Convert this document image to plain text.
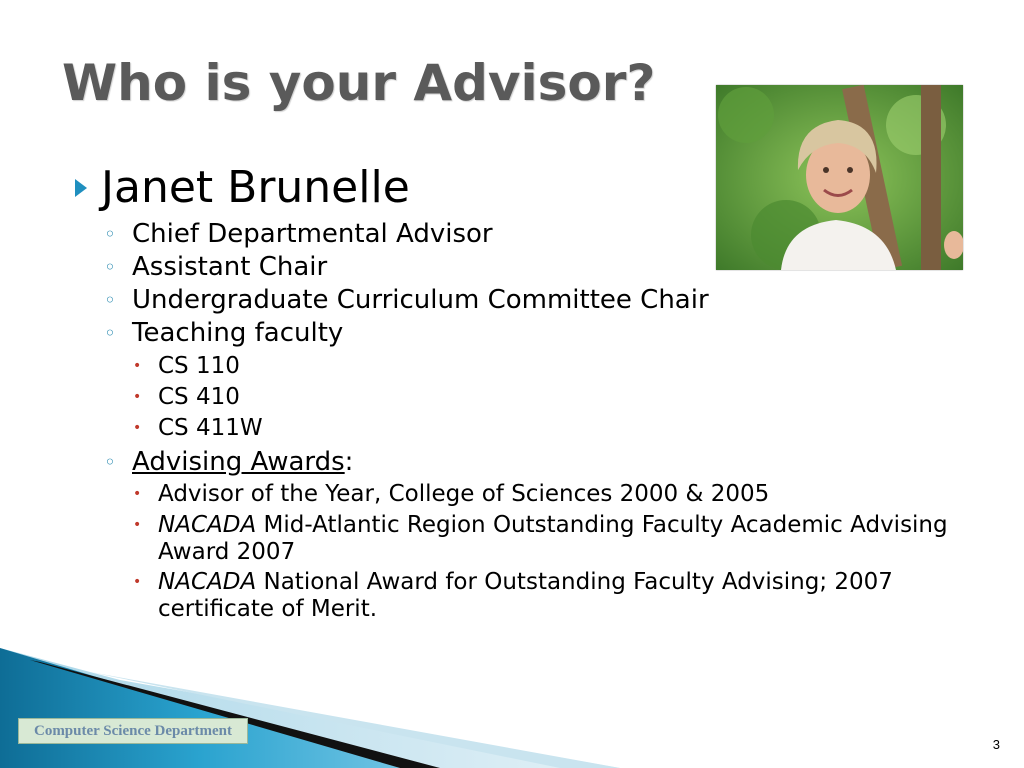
Who is your Advisor?
Janet Brunelle
◦ Chief Departmental Advisor
◦ Assistant Chair
◦ Undergraduate Curriculum Committee Chair
◦ Teaching faculty
• CS 110
• CS 410
• CS 411W
◦ Advising Awards:
• Advisor of the Year, College of Sciences 2000 & 2005
• NACADA Mid-Atlantic Region Outstanding Faculty Academic Advising Award 2007
• NACADA National Award for Outstanding Faculty Advising; 2007 certificate of Merit.
Computer Science Department
3
